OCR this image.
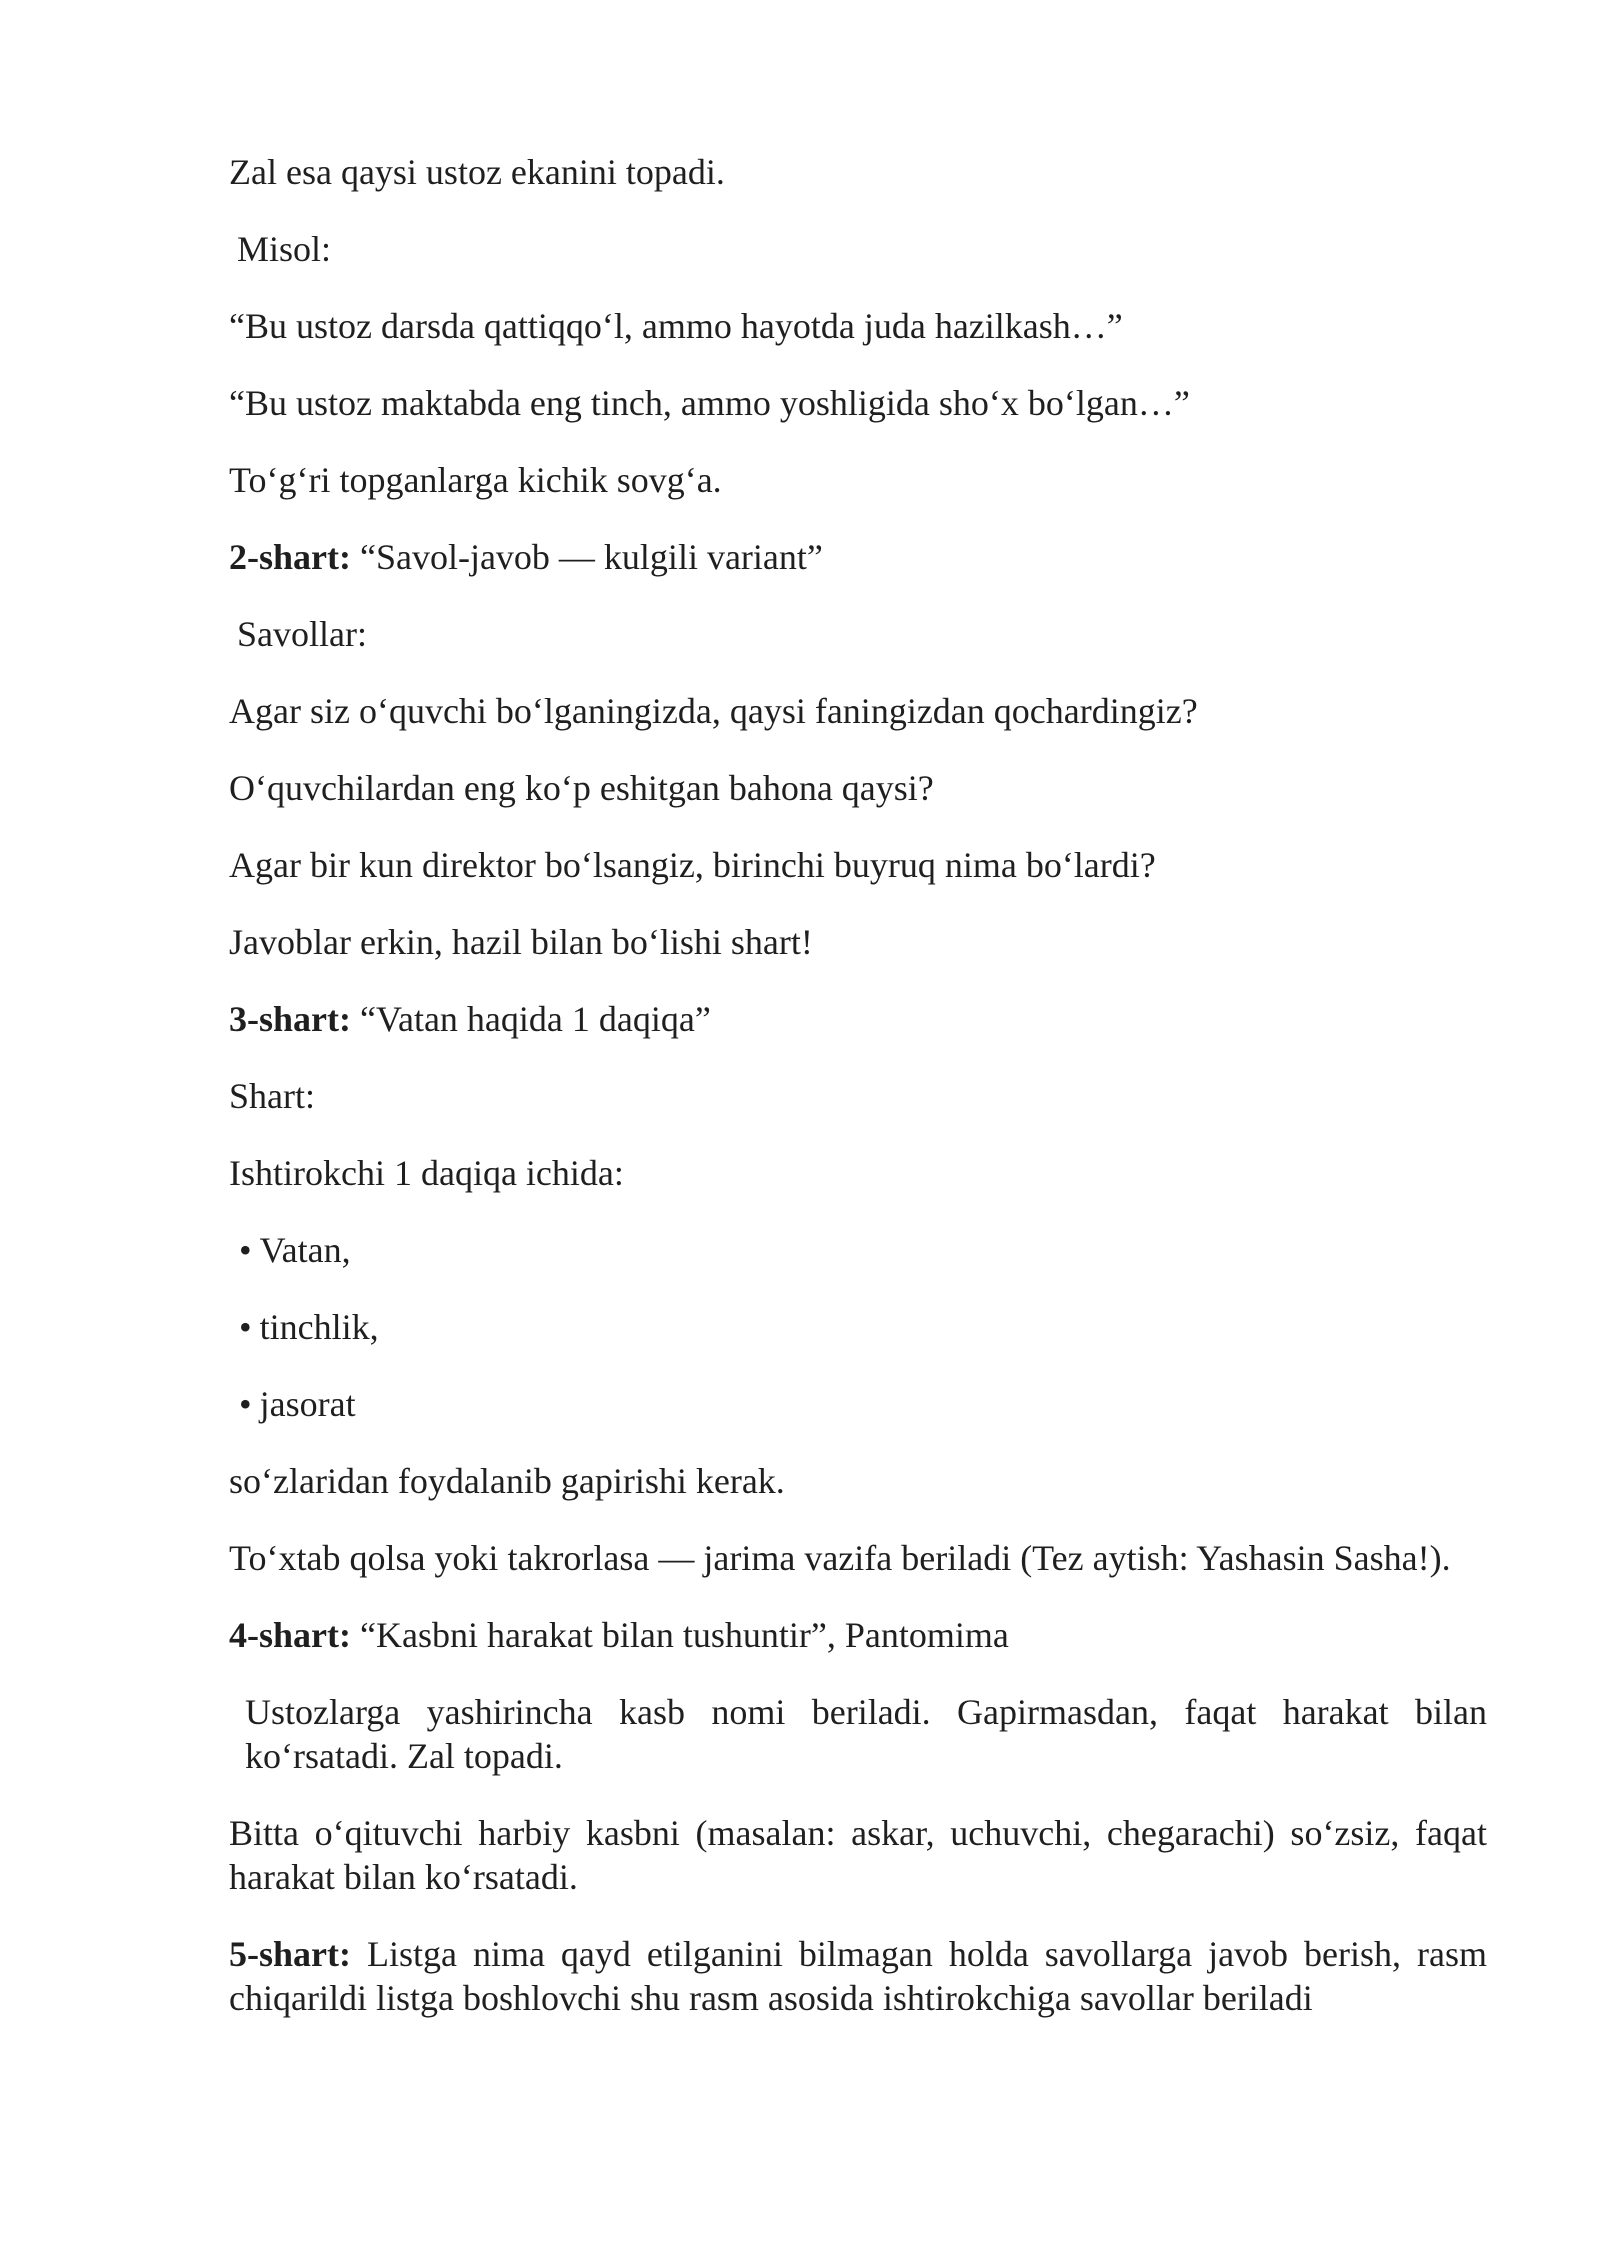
Zal esa qaysi ustoz ekanini topadi.

Misol:

“Bu ustoz darsda qattiqqo‘l, ammo hayotda juda hazilkash…”

“Bu ustoz maktabda eng tinch, ammo yoshligida sho‘x bo‘lgan…”

To‘g‘ri topganlarga kichik sovg‘a.

2-shart: “Savol-javob — kulgili variant”

Savollar:

Agar siz o‘quvchi bo‘lganingizda, qaysi faningizdan qochardingiz?

O‘quvchilardan eng ko‘p eshitgan bahona qaysi?

Agar bir kun direktor bo‘lsangiz, birinchi buyruq nima bo‘lardi?

Javoblar erkin, hazil bilan bo‘lishi shart!

3-shart: “Vatan haqida 1 daqiqa”

Shart:

Ishtirokchi 1 daqiqa ichida:

• Vatan,

• tinchlik,

• jasorat

so‘zlaridan foydalanib gapirishi kerak.

To‘xtab qolsa yoki takrorlasa — jarima vazifa beriladi (Tez aytish: Yashasin Sasha!).

4-shart: “Kasbni harakat bilan tushuntir”, Pantomima

Ustozlarga yashirincha kasb nomi beriladi. Gapirmasdan, faqat harakat bilan ko‘rsatadi. Zal topadi.

Bitta o‘qituvchi harbiy kasbni (masalan: askar, uchuvchi, chegarachi) so‘zsiz, faqat harakat bilan ko‘rsatadi.

5-shart: Listga nima qayd etilganini bilmagan holda savollarga javob berish, rasm chiqarildi listga boshlovchi shu rasm asosida ishtirokchiga savollar beriladi
